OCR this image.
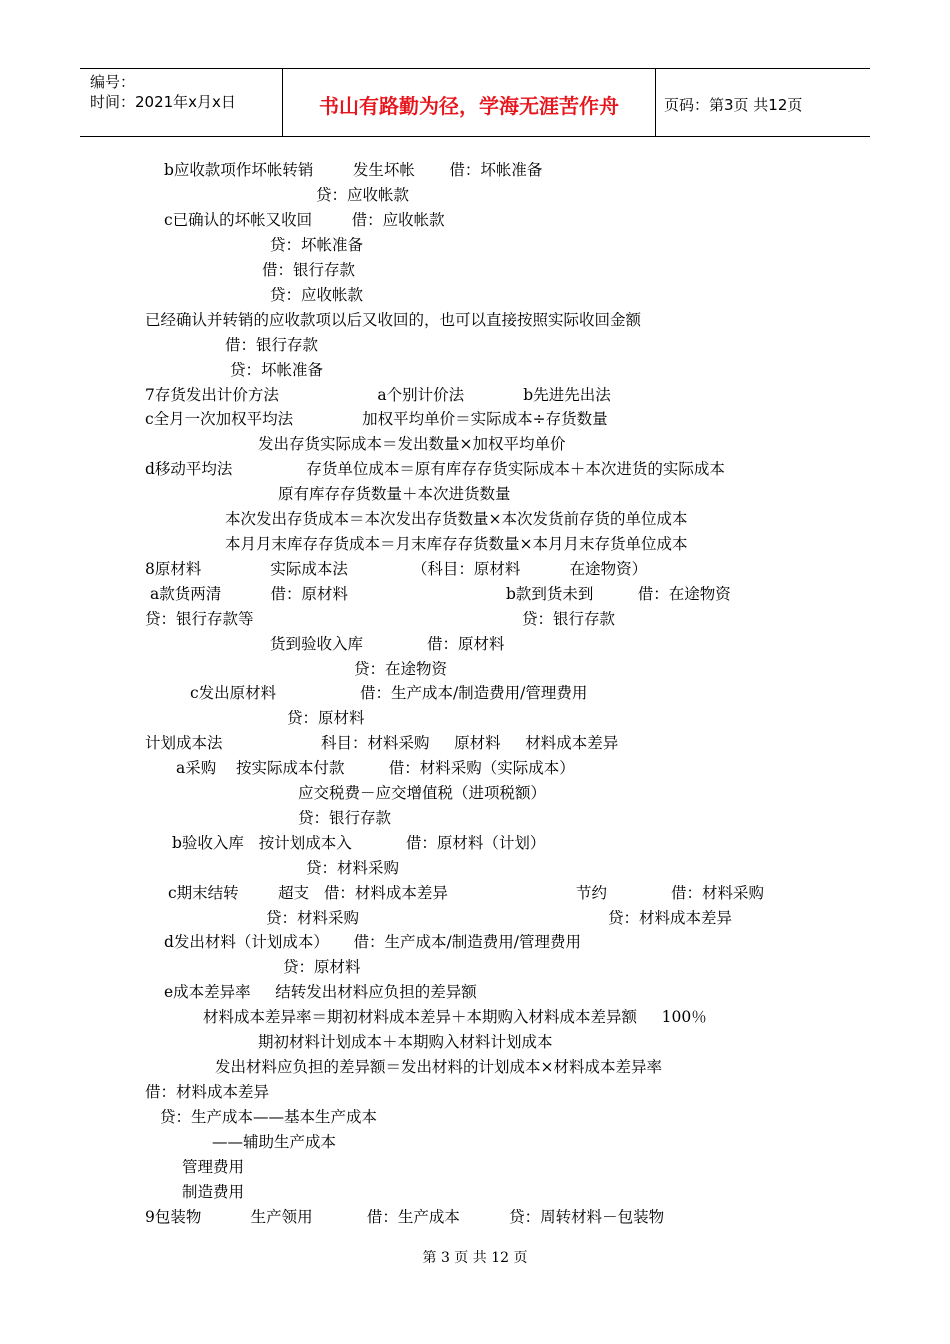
编号：
时间：2021年x月x日	书山有路勤为径，学海无涯苦作舟	页码：第3页 共12页
b应收款项作坏帐转销        发生坏帐       借：坏帐准备
贷：应收帐款
c已确认的坏帐又收回        借：应收帐款
贷：坏帐准备
借：银行存款
贷：应收帐款
已经确认并转销的应收款项以后又收回的，也可以直接按照实际收回金额
借：银行存款
贷：坏帐准备
7存货发出计价方法                    a个别计价法            b先进先出法
c全月一次加权平均法              加权平均单价＝实际成本÷存货数量
发出存货实际成本＝发出数量×加权平均单价
d移动平均法               存货单位成本＝原有库存存货实际成本＋本次进货的实际成本
原有库存存货数量＋本次进货数量
本次发出存货成本＝本次发出存货数量×本次发货前存货的单位成本
本月月末库存存货成本＝月末库存存货数量×本月月末存货单位成本
8原材料              实际成本法             （科目：原材料          在途物资）
a款货两清          借：原材料	b款到货未到         借：在途物资
贷：银行存款等	贷：银行存款
货到验收入库             借：原材料
贷：在途物资
c发出原材料                 借：生产成本/制造费用/管理费用
贷：原材料
计划成本法                    科目：材料采购     原材料     材料成本差异
a采购    按实际成本付款         借：材料采购（实际成本）
应交税费－应交增值税（进项税额）
贷：银行存款
b验收入库   按计划成本入           借：原材料（计划）
贷：材料采购
c期末结转        超支   借：材料成本差异	节约             借：材料采购
贷：材料采购	贷：材料成本差异
d发出材料（计划成本）     借：生产成本/制造费用/管理费用
贷：原材料
e成本差异率     结转发出材料应负担的差异额
材料成本差异率＝期初材料成本差异＋本期购入材料成本差异额     100％
期初材料计划成本＋本期购入材料计划成本
发出材料应负担的差异额＝发出材料的计划成本×材料成本差异率
借：材料成本差异
贷：生产成本——基本生产成本
——辅助生产成本
管理费用
制造费用
9包装物          生产领用           借：生产成本          贷：周转材料－包装物
第 3 页 共 12 页
